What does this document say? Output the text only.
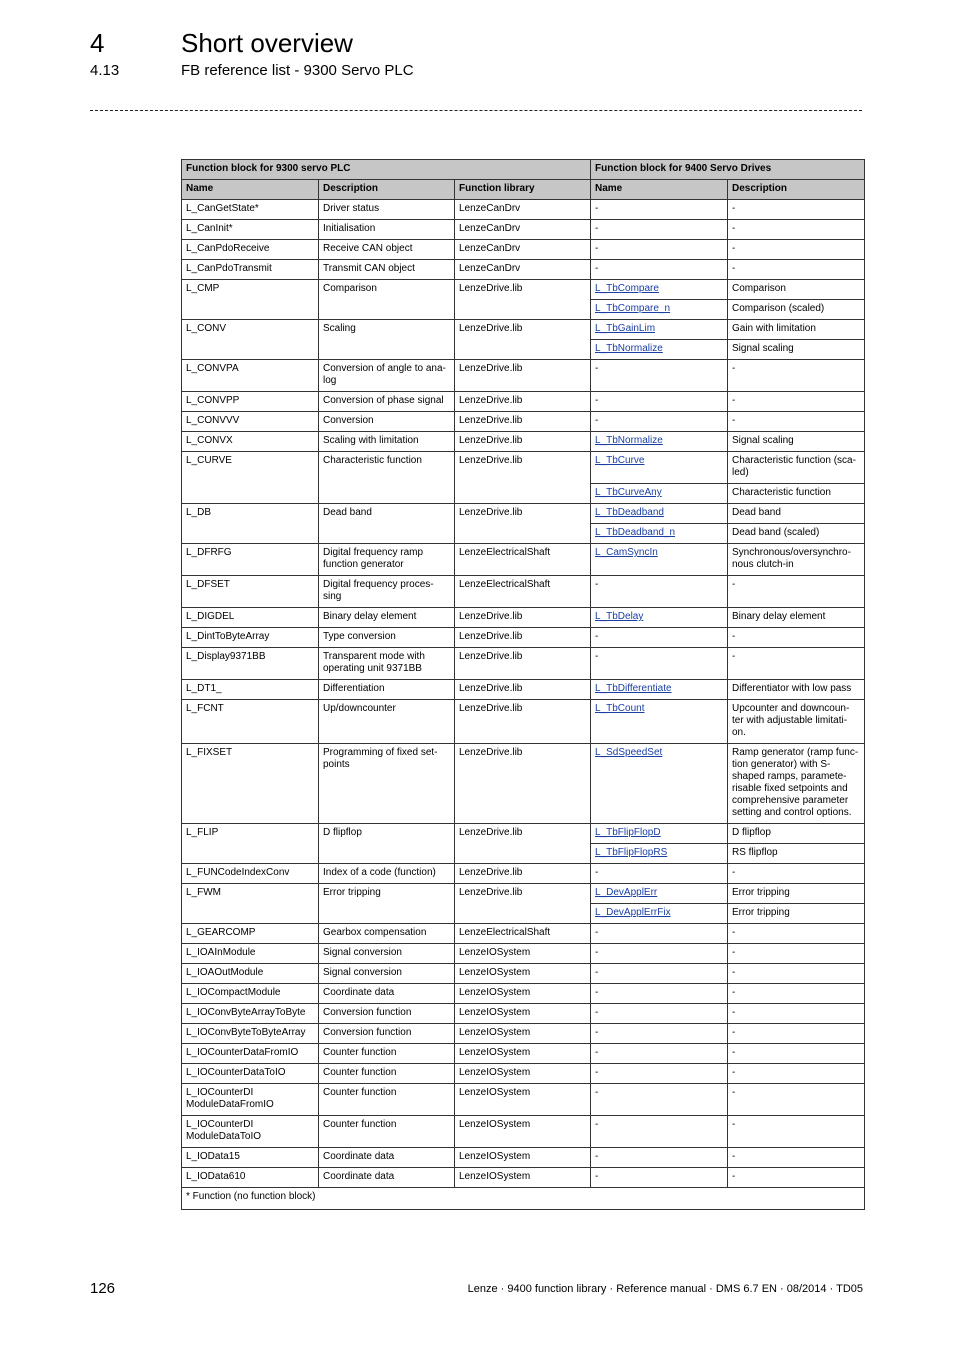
4	Short overview
4.13	FB reference list - 9300 Servo PLC
Function block for 9300 servo PLC			Function block for 9400 Servo Drives	
Name	Description	Function library	Name	Description
L_CanGetState*	Driver status	LenzeCanDrv	-	-
L_CanInit*	Initialisation	LenzeCanDrv	-	-
L_CanPdoReceive	Receive CAN object	LenzeCanDrv	-	-
L_CanPdoTransmit	Transmit CAN object	LenzeCanDrv	-	-
L_CMP	Comparison	LenzeDrive.lib	L_TbCompare	Comparison
			L_TbCompare_n	Comparison (scaled)
L_CONV	Scaling	LenzeDrive.lib	L_TbGainLim	Gain with limitation
			L_TbNormalize	Signal scaling
L_CONVPA	Conversion of angle to ana-log	LenzeDrive.lib	-	-
L_CONVPP	Conversion of phase signal	LenzeDrive.lib	-	-
L_CONVVV	Conversion	LenzeDrive.lib	-	-
L_CONVX	Scaling with limitation	LenzeDrive.lib	L_TbNormalize	Signal scaling
L_CURVE	Characteristic function	LenzeDrive.lib	L_TbCurve	Characteristic function (sca-led)
			L_TbCurveAny	Characteristic function
L_DB	Dead band	LenzeDrive.lib	L_TbDeadband	Dead band
			L_TbDeadband_n	Dead band (scaled)
L_DFRFG	Digital frequency ramp function generator	LenzeElectricalShaft	L_CamSyncIn	Synchronous/oversynchro-nous clutch-in
L_DFSET	Digital frequency proces-sing	LenzeElectricalShaft	-	-
L_DIGDEL	Binary delay element	LenzeDrive.lib	L_TbDelay	Binary delay element
L_DintToByteArray	Type conversion	LenzeDrive.lib	-	-
L_Display9371BB	Transparent mode with operating unit 9371BB	LenzeDrive.lib	-	-
L_DT1_	Differentiation	LenzeDrive.lib	L_TbDifferentiate	Differentiator with low pass
L_FCNT	Up/downcounter	LenzeDrive.lib	L_TbCount	Upcounter and downcoun-ter with adjustable limitati-on.
L_FIXSET	Programming of fixed set-points	LenzeDrive.lib	L_SdSpeedSet	Ramp generator (ramp func-tion generator) with S-shaped ramps, paramete-risable fixed setpoints and comprehensive parameter setting and control options.
L_FLIP	D flipflop	LenzeDrive.lib	L_TbFlipFlopD	D flipflop
			L_TbFlipFlopRS	RS flipflop
L_FUNCodeIndexConv	Index of a code (function)	LenzeDrive.lib	-	-
L_FWM	Error tripping	LenzeDrive.lib	L_DevApplErr	Error tripping
			L_DevApplErrFix	Error tripping
L_GEARCOMP	Gearbox compensation	LenzeElectricalShaft	-	-
L_IOAInModule	Signal conversion	LenzeIOSystem	-	-
L_IOAOutModule	Signal conversion	LenzeIOSystem	-	-
L_IOCompactModule	Coordinate data	LenzeIOSystem	-	-
L_IOConvByteArrayToByte	Conversion function	LenzeIOSystem	-	-
L_IOConvByteToByteArray	Conversion function	LenzeIOSystem	-	-
L_IOCounterDataFromIO	Counter function	LenzeIOSystem	-	-
L_IOCounterDataToIO	Counter function	LenzeIOSystem	-	-
L_IOCounterDI ModuleDataFromIO	Counter function	LenzeIOSystem	-	-
L_IOCounterDI ModuleDataToIO	Counter function	LenzeIOSystem	-	-
L_IOData15	Coordinate data	LenzeIOSystem	-	-
L_IOData610	Coordinate data	LenzeIOSystem	-	-
* Function (no function block)				
126	Lenze · 9400 function library · Reference manual · DMS 6.7 EN · 08/2014 · TD05
